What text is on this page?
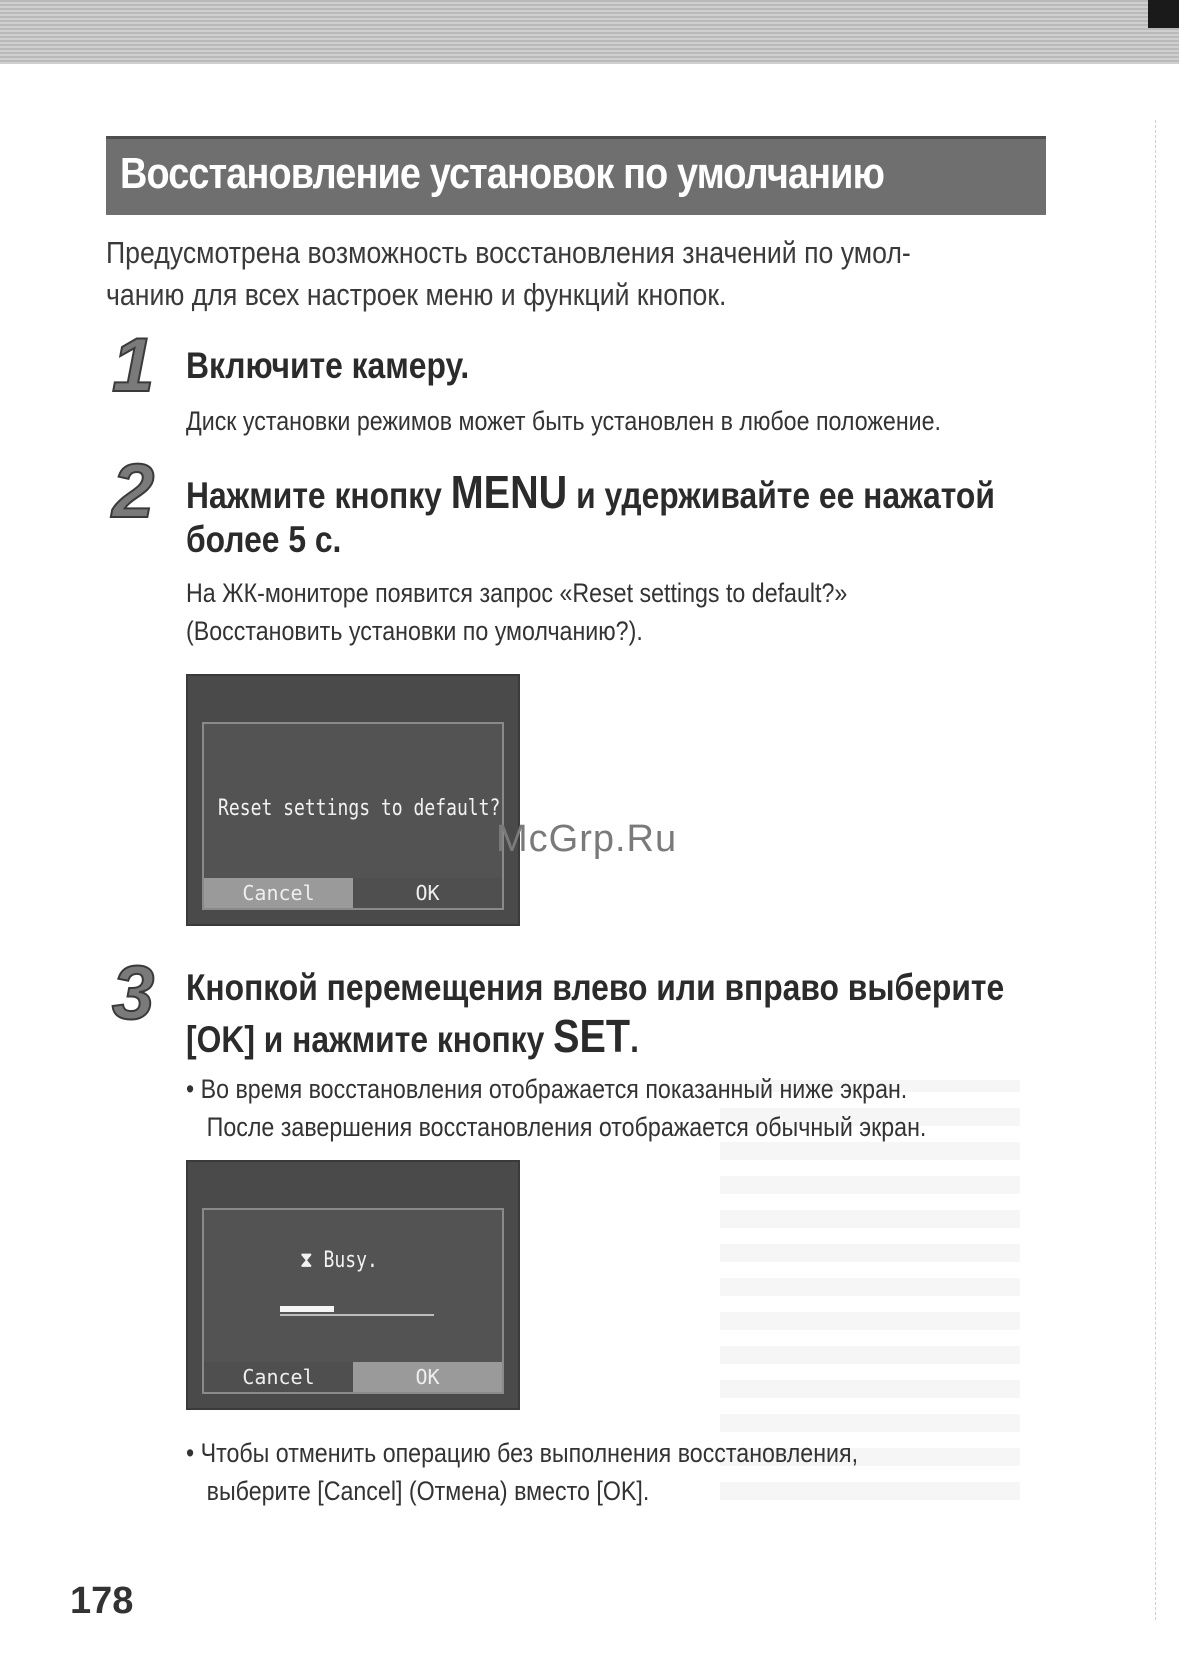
Восстановление установок по умолчанию
Предусмотрена возможность восстановления значений по умол-
чанию для всех настроек меню и функций кнопок.
1 Включите камеру.
Диск установки режимов может быть установлен в любое положение.
2 Нажмите кнопку MENU и удерживайте ее нажатой
более 5 с.
На ЖК-мониторе появится запрос «Reset settings to default?»
(Восстановить установки по умолчанию?).
Reset settings to default?
Cancel	OK
McGrp.Ru
3 Кнопкой перемещения влево или вправо выберите
[OK] и нажмите кнопку SET.
• Во время восстановления отображается показанный ниже экран.
После завершения восстановления отображается обычный экран.
⧗ Busy.
Cancel	OK
• Чтобы отменить операцию без выполнения восстановления,
выберите [Cancel] (Отмена) вместо [OK].
178
